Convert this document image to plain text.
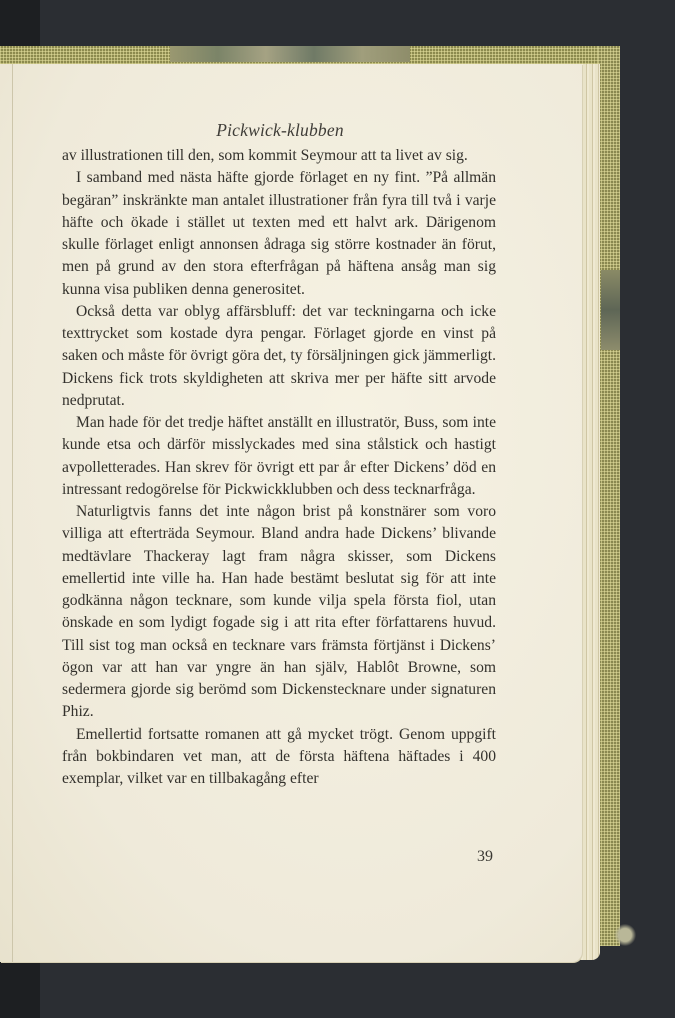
Pickwick-klubben

av illustrationen till den, som kommit Seymour att ta livet av sig.

I samband med nästa häfte gjorde förlaget en ny fint. ”På allmän begäran” inskränkte man antalet illustrationer från fyra till två i varje häfte och ökade i stället ut texten med ett halvt ark. Därigenom skulle förlaget enligt annonsen ådraga sig större kostnader än förut, men på grund av den stora efterfrågan på häftena ansåg man sig kunna visa publiken denna generositet.

Också detta var oblyg affärsbluff: det var teckningarna och icke texttrycket som kostade dyra pengar. Förlaget gjorde en vinst på saken och måste för övrigt göra det, ty försäljningen gick jämmerligt. Dickens fick trots skyldigheten att skriva mer per häfte sitt arvode nedprutat.

Man hade för det tredje häftet anställt en illustratör, Buss, som inte kunde etsa och därför misslyckades med sina stålstick och hastigt avpolletterades. Han skrev för övrigt ett par år efter Dickens’ död en intressant redogörelse för Pickwickklubben och dess tecknarfråga.

Naturligtvis fanns det inte någon brist på konstnärer som voro villiga att efterträda Seymour. Bland andra hade Dickens’ blivande medtävlare Thackeray lagt fram några skisser, som Dickens emellertid inte ville ha. Han hade bestämt beslutat sig för att inte godkänna någon tecknare, som kunde vilja spela första fiol, utan önskade en som lydigt fogade sig i att rita efter författarens huvud. Till sist tog man också en tecknare vars främsta förtjänst i Dickens’ ögon var att han var yngre än han själv, Hablôt Browne, som sedermera gjorde sig berömd som Dickenstecknare under signaturen Phiz.

Emellertid fortsatte romanen att gå mycket trögt. Genom uppgift från bokbindaren vet man, att de första häftena häftades i 400 exemplar, vilket var en tillbakagång efter

39
